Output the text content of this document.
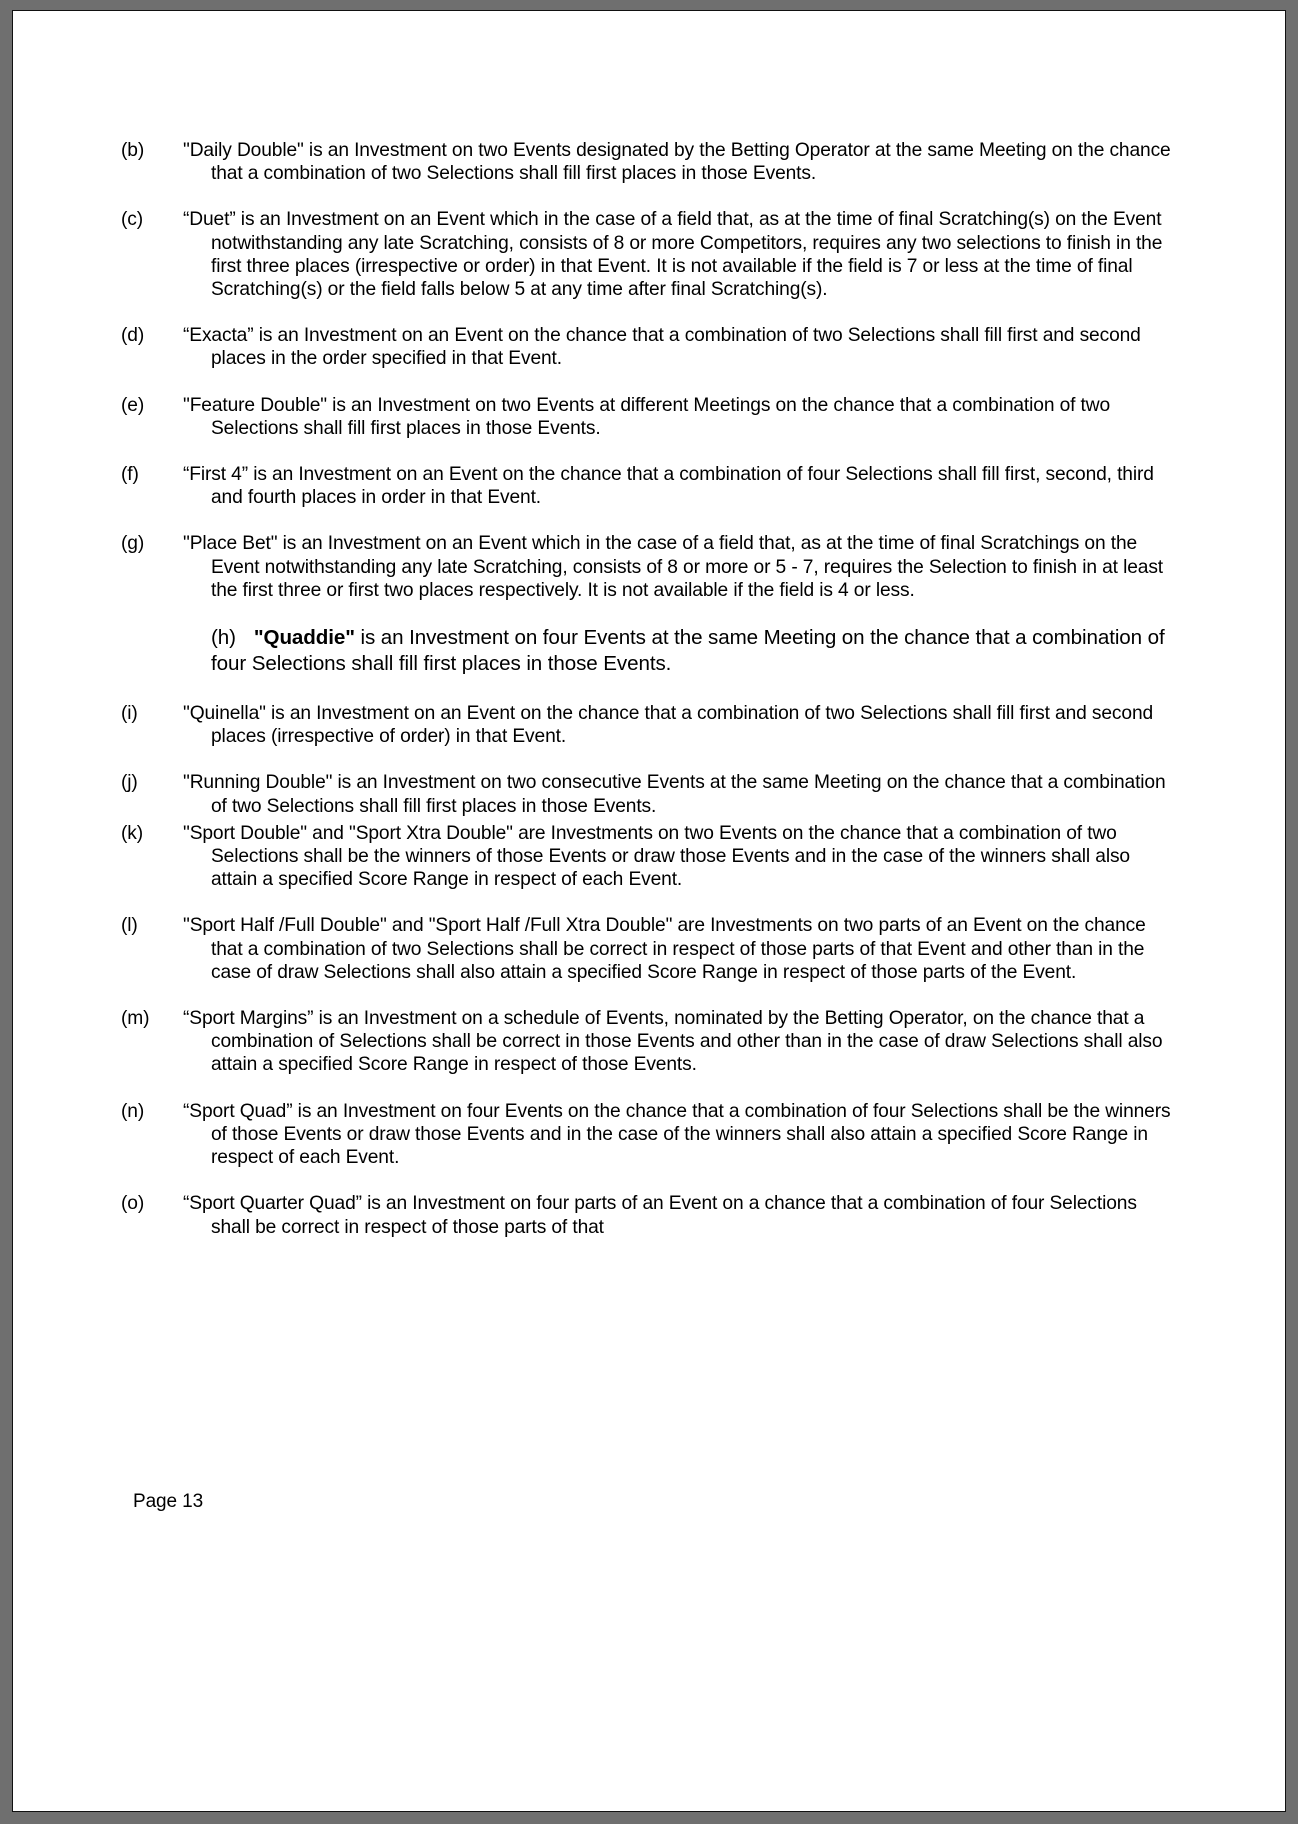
(b)	"Daily Double" is an Investment on two Events designated by the Betting Operator at the same Meeting on the chance that a combination of two Selections shall fill first places in those Events.
(c)	“Duet” is an Investment on an Event which in the case of a field that, as at the time of final Scratching(s) on the Event notwithstanding any late Scratching, consists of 8 or more Competitors, requires any two selections to finish in the first three places (irrespective or order) in that Event. It is not available if the field is 7 or less at the time of final Scratching(s) or the field falls below 5 at any time after final Scratching(s).
(d)	“Exacta” is an Investment on an Event on the chance that a combination of two Selections shall fill first and second places in the order specified in that Event.
(e)	"Feature Double" is an Investment on two Events at different Meetings on the chance that a combination of two Selections shall fill first places in those Events.
(f)	“First 4” is an Investment on an Event on the chance that a combination of four Selections shall fill first, second, third and fourth places in order in that Event.
(g)	"Place Bet" is an Investment on an Event which in the case of a field that, as at the time of final Scratchings on the Event notwithstanding any late Scratching, consists of 8 or more or 5 - 7, requires the Selection to finish in at least the first three or first two places respectively. It is not available if the field is 4 or less.
(h) "Quaddie" is an Investment on four Events at the same Meeting on the chance that a combination of four Selections shall fill first places in those Events.
(i)	"Quinella" is an Investment on an Event on the chance that a combination of two Selections shall fill first and second places (irrespective of order) in that Event.
(j)	"Running Double" is an Investment on two consecutive Events at the same Meeting on the chance that a combination of two Selections shall fill first places in those Events.
(k)	"Sport Double" and "Sport Xtra Double" are Investments on two Events on the chance that a combination of two Selections shall be the winners of those Events or draw those Events and in the case of the winners shall also attain a specified Score Range in respect of each Event.
(l)	"Sport Half /Full Double" and "Sport Half /Full Xtra Double" are Investments on two parts of an Event on the chance that a combination of two Selections shall be correct in respect of those parts of that Event and other than in the case of draw Selections shall also attain a specified Score Range in respect of those parts of the Event.
(m)	“Sport Margins” is an Investment on a schedule of Events, nominated by the Betting Operator, on the chance that a combination of Selections shall be correct in those Events and other than in the case of draw Selections shall also attain a specified Score Range in respect of those Events.
(n)	“Sport Quad” is an Investment on four Events on the chance that a combination of four Selections shall be the winners of those Events or draw those Events and in the case of the winners shall also attain a specified Score Range in respect of each Event.
(o)	“Sport Quarter Quad” is an Investment on four parts of an Event on a chance that a combination of four Selections shall be correct in respect of those parts of that
Page 13
